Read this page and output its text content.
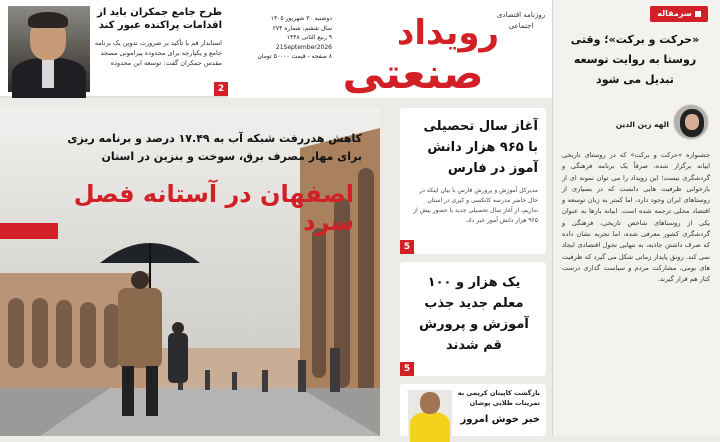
طرح جامع جمکران باید از اقدامات پراکنده عبور کند
استاندار قم با تأکید بر ضرورت تدوین یک برنامه جامع و یکپارچه برای محدوده پیرامونی مسجد مقدس جمکران گفت: توسعه این محدوده
2
دوشنبه ۳۰ شهریور ۱۴۰۵
سال ششم، شماره ۲۷۴
۹ ربیع الثانی ۱۴۴۸
21September2026
۸ صفحه - قیمت ۵۰۰۰۰ تومان
رویداد
صنعتی
روزنامه اقتصادی اجتماعی
سرمقاله
«حرکت و برکت»؛ وقتی روستا به روایت توسعه تبدیل می شود
الهه زین الدین
جشنواره «حرکت و برکت» که در روستای تاریخی ابیانه برگزار شده، صرفاً یک برنامه فرهنگی و گردشگری نیست؛ این رویداد را می توان نمونه ای از بازخوانی ظرفیت هایی دانست که در بسیاری از روستاهای ایران وجود دارد، اما کمتر به زبان توسعه و اقتصاد محلی ترجمه شده است. ابیانه بارها به عنوان یکی از روستاهای شاخص تاریخی، فرهنگی و گردشگری کشور معرفی شده، اما تجربه نشان داده که صرف داشتن جاذبه، به تنهایی تحول اقتصادی ایجاد نمی کند. رونق پایدار زمانی شکل می گیرد که ظرفیت های بومی، مشارکت مردم و سیاست گذاری درست کنار هم قرار گیرند.
کاهش هدررفت شبکه آب به ۱۷.۴۹ درصد و برنامه ریزی برای مهار مصرف برق، سوخت و بنزین در استان
اصفهان در آستانه فصل سرد
آغاز سال تحصیلی با ۹۶۵ هزار دانش آموز در فارس
مدیرکل آموزش و پرورش فارس با بیان اینکه در حال حاضر مدرسه کانکسی و کپری در استان نداریم، از آغاز سال تحصیلی جدید با حضور بیش از ۹۶۵ هزار دانش آموز خبر داد.
5
یک هزار و ۱۰۰ معلم جدید جذب آموزش و پرورش قم شدند
5
بازگشت کاپیتان کریمی به تمرینات طلایی پوشان
خبر خوش امروز
